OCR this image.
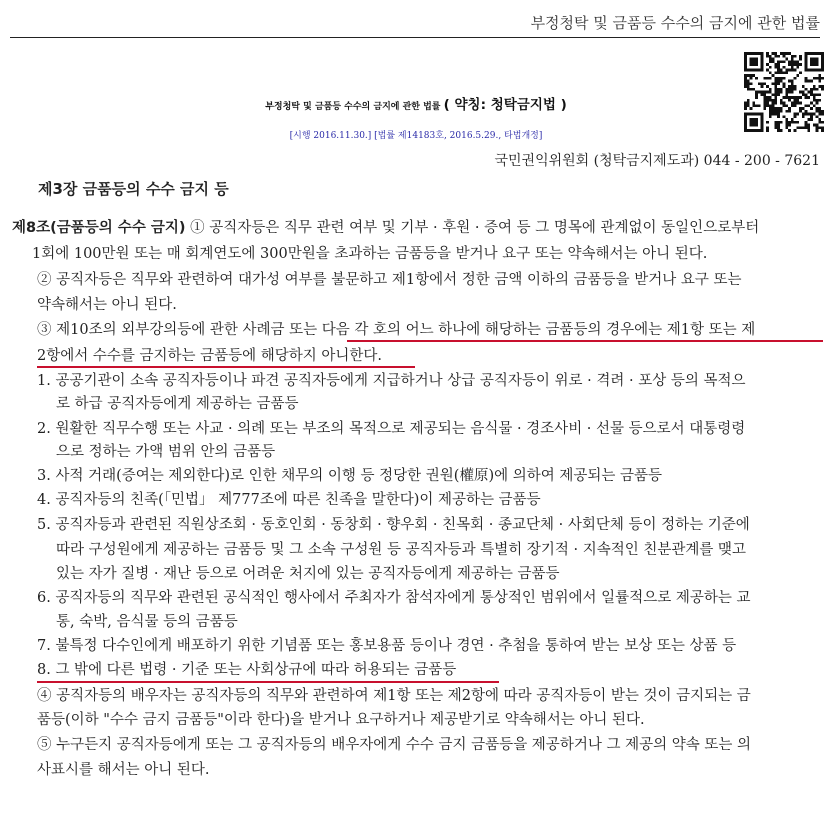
부정청탁 및 금품등 수수의 금지에 관한 법률
부정청탁 및 금품등 수수의 금지에 관한 법률 ( 약칭: 청탁금지법 )
[시행 2016.11.30.] [법률 제14183호, 2016.5.29., 타법개정]
국민권익위원회 (청탁금지제도과) 044 - 200 - 7621
제3장 금품등의 수수 금지 등
제8조(금품등의 수수 금지) ① 공직자등은 직무 관련 여부 및 기부 · 후원 · 증여 등 그 명목에 관계없이 동일인으로부터
1회에 100만원 또는 매 회계연도에 300만원을 초과하는 금품등을 받거나 요구 또는 약속해서는 아니 된다.
② 공직자등은 직무와 관련하여 대가성 여부를 불문하고 제1항에서 정한 금액 이하의 금품등을 받거나 요구 또는
약속해서는 아니 된다.
③ 제10조의 외부강의등에 관한 사례금 또는 다음 각 호의 어느 하나에 해당하는 금품등의 경우에는 제1항 또는 제
2항에서 수수를 금지하는 금품등에 해당하지 아니한다.
1. 공공기관이 소속 공직자등이나 파견 공직자등에게 지급하거나 상급 공직자등이 위로 · 격려 · 포상 등의 목적으
로 하급 공직자등에게 제공하는 금품등
2. 원활한 직무수행 또는 사교 · 의례 또는 부조의 목적으로 제공되는 음식물 · 경조사비 · 선물 등으로서 대통령령
으로 정하는 가액 범위 안의 금품등
3. 사적 거래(증여는 제외한다)로 인한 채무의 이행 등 정당한 권원(權原)에 의하여 제공되는 금품등
4. 공직자등의 친족(「민법」 제777조에 따른 친족을 말한다)이 제공하는 금품등
5. 공직자등과 관련된 직원상조회 · 동호인회 · 동창회 · 향우회 · 친목회 · 종교단체 · 사회단체 등이 정하는 기준에
따라 구성원에게 제공하는 금품등 및 그 소속 구성원 등 공직자등과 특별히 장기적 · 지속적인 친분관계를 맺고
있는 자가 질병 · 재난 등으로 어려운 처지에 있는 공직자등에게 제공하는 금품등
6. 공직자등의 직무와 관련된 공식적인 행사에서 주최자가 참석자에게 통상적인 범위에서 일률적으로 제공하는 교
통, 숙박, 음식물 등의 금품등
7. 불특정 다수인에게 배포하기 위한 기념품 또는 홍보용품 등이나 경연 · 추첨을 통하여 받는 보상 또는 상품 등
8. 그 밖에 다른 법령 · 기준 또는 사회상규에 따라 허용되는 금품등
④ 공직자등의 배우자는 공직자등의 직무와 관련하여 제1항 또는 제2항에 따라 공직자등이 받는 것이 금지되는 금
품등(이하 "수수 금지 금품등"이라 한다)을 받거나 요구하거나 제공받기로 약속해서는 아니 된다.
⑤ 누구든지 공직자등에게 또는 그 공직자등의 배우자에게 수수 금지 금품등을 제공하거나 그 제공의 약속 또는 의
사표시를 해서는 아니 된다.
